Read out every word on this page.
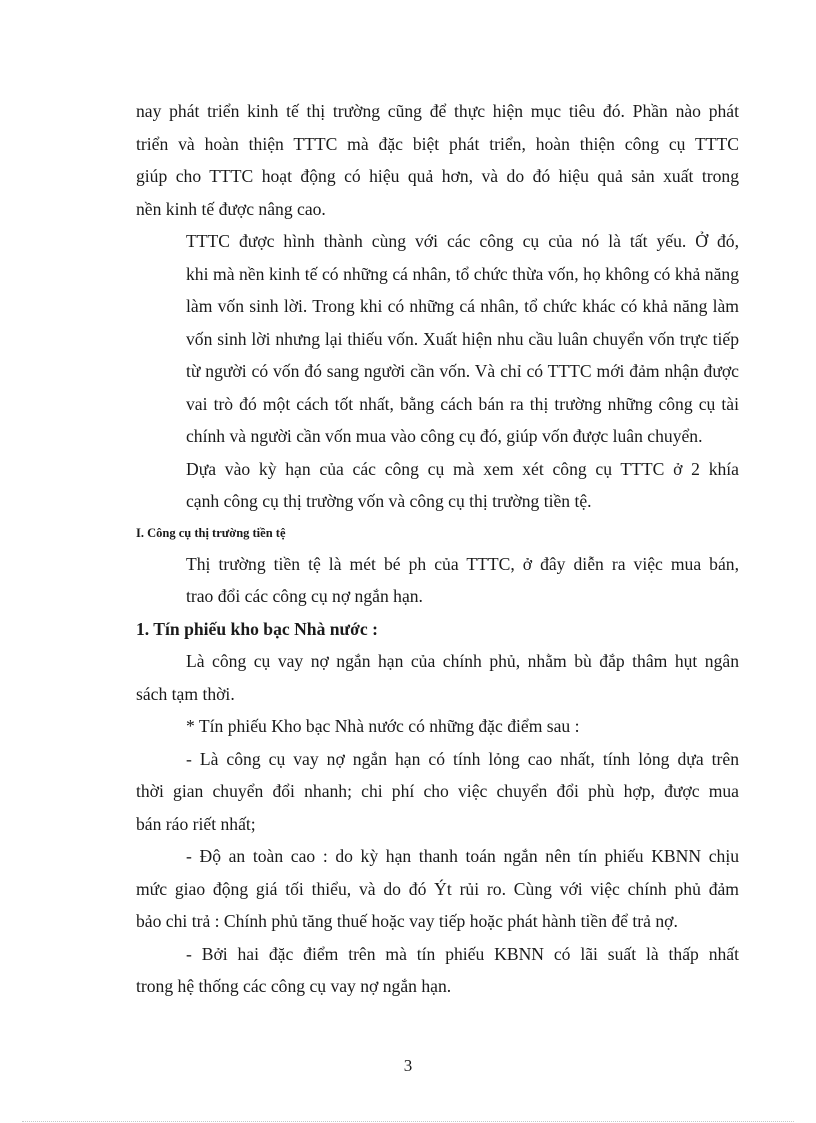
nay phát triển kinh tế thị trường cũng để thực hiện mục tiêu đó. Phần nào phát
triển và hoàn thiện TTTC mà đặc biệt phát triển, hoàn thiện công cụ TTTC
giúp cho TTTC hoạt động có hiệu quả hơn, và do đó hiệu quả sản xuất trong
nền kinh tế được nâng cao.

TTTC được hình thành cùng với các công cụ của nó là tất yếu. Ở đó,
khi mà nền kinh tế có những cá nhân, tổ chức thừa vốn, họ không có khả năng
làm vốn sinh lời. Trong khi có những cá nhân, tổ chức khác có khả năng làm
vốn sinh lời nhưng lại thiếu vốn. Xuất hiện nhu cầu luân chuyển vốn trực tiếp
từ người có vốn đó sang người cần vốn. Và chỉ có TTTC mới đảm nhận được
vai trò đó một cách tốt nhất, bằng cách bán ra thị trường những công cụ tài
chính và người cần vốn mua vào công cụ đó, giúp vốn được luân chuyển.

Dựa vào kỳ hạn của các công cụ mà xem xét công cụ TTTC ở 2 khía
cạnh công cụ thị trường vốn và công cụ thị trường tiền tệ.

I. Công cụ thị trường tiền tệ

Thị trường tiền tệ là mét bé ph của TTTC, ở đây diễn ra việc mua bán,
trao đổi các công cụ nợ ngắn hạn.

1. Tín phiếu kho bạc Nhà nước :

Là công cụ vay nợ ngắn hạn của chính phủ, nhằm bù đắp thâm hụt ngân
sách tạm thời.

* Tín phiếu Kho bạc Nhà nước có những đặc điểm sau :

- Là công cụ vay nợ ngắn hạn có tính lỏng cao nhất, tính lỏng dựa trên
thời gian chuyển đổi nhanh; chi phí cho việc chuyển đổi phù hợp, được mua
bán ráo riết nhất;

- Độ an toàn cao : do kỳ hạn thanh toán ngắn nên tín phiếu KBNN chịu
mức giao động giá tối thiểu, và do đó Ýt rủi ro. Cùng với việc chính phủ đảm
bảo chi trả : Chính phủ tăng thuế hoặc vay tiếp hoặc phát hành tiền để trả nợ.

- Bởi hai đặc điểm trên mà tín phiếu KBNN có lãi suất là thấp nhất
trong hệ thống các công cụ vay nợ ngắn hạn.

3
